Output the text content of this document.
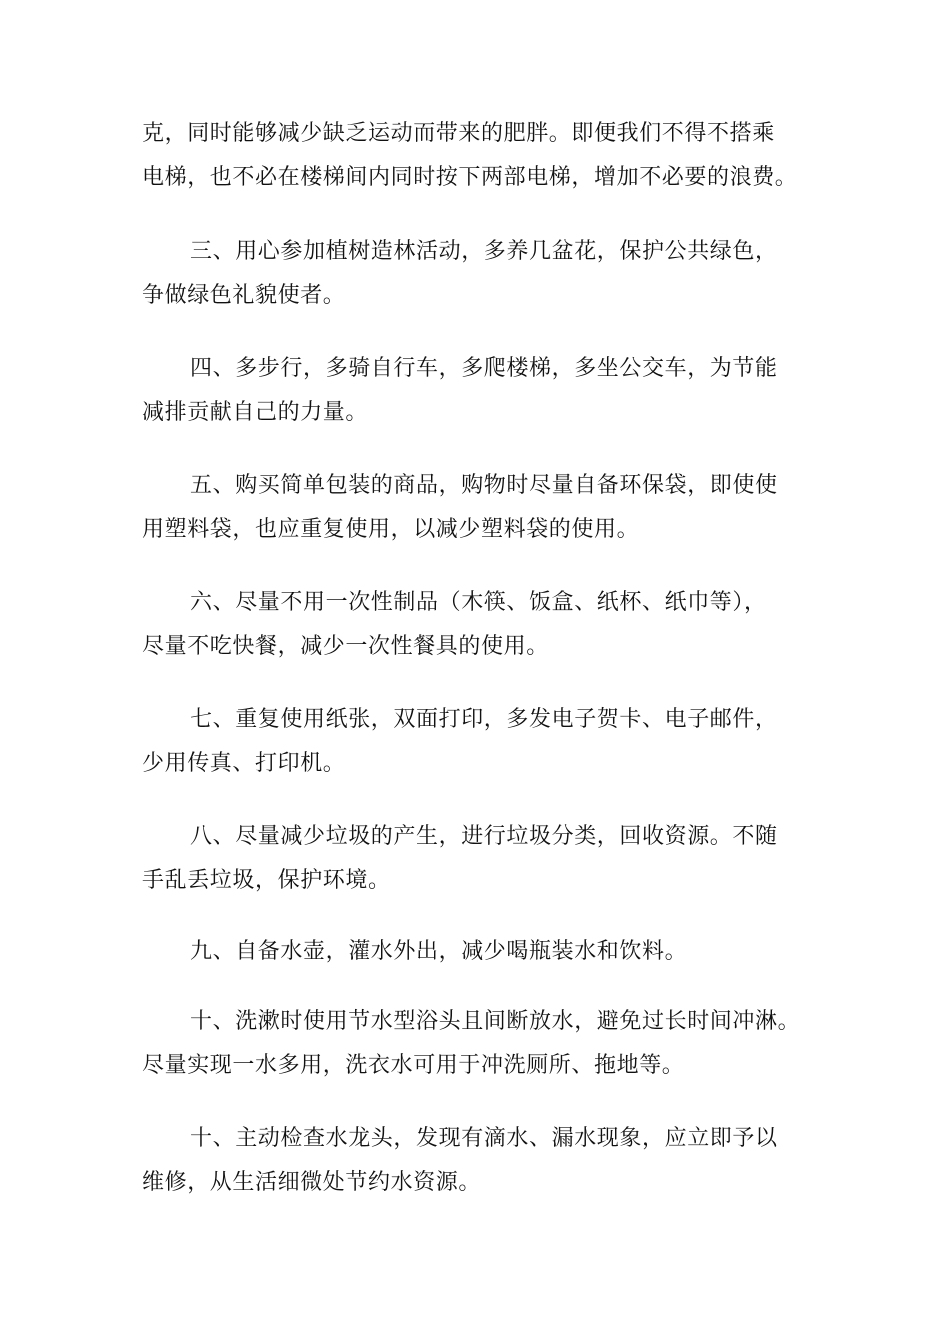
克，同时能够减少缺乏运动而带来的肥胖。即便我们不得不搭乘
电梯，也不必在楼梯间内同时按下两部电梯，增加不必要的浪费。
三、用心参加植树造林活动，多养几盆花，保护公共绿色，
争做绿色礼貌使者。
四、多步行，多骑自行车，多爬楼梯，多坐公交车，为节能
减排贡献自己的力量。
五、购买简单包装的商品，购物时尽量自备环保袋，即使使
用塑料袋，也应重复使用，以减少塑料袋的使用。
六、尽量不用一次性制品（木筷、饭盒、纸杯、纸巾等），
尽量不吃快餐，减少一次性餐具的使用。
七、重复使用纸张，双面打印，多发电子贺卡、电子邮件，
少用传真、打印机。
八、尽量减少垃圾的产生，进行垃圾分类，回收资源。不随
手乱丢垃圾，保护环境。
九、自备水壶，灌水外出，减少喝瓶装水和饮料。
十、洗漱时使用节水型浴头且间断放水，避免过长时间冲淋。
尽量实现一水多用，洗衣水可用于冲洗厕所、拖地等。
十、主动检查水龙头，发现有滴水、漏水现象，应立即予以
维修，从生活细微处节约水资源。
